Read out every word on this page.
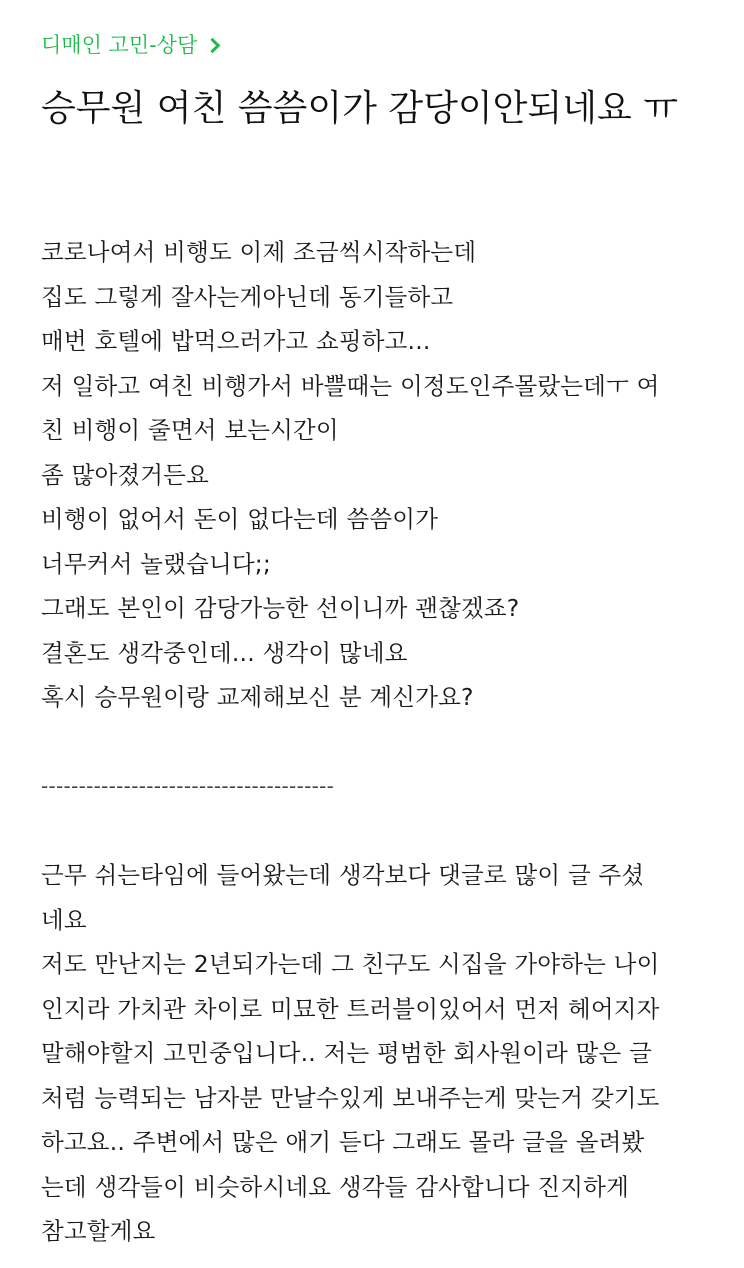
디매인 고민-상담
승무원 여친 씀씀이가 감당이안되네요 ㅠ
코로나여서 비행도 이제 조금씩시작하는데
집도 그렇게 잘사는게아닌데 동기들하고
매번 호텔에 밥먹으러가고 쇼핑하고...
저 일하고 여친 비행가서 바쁠때는 이정도인주몰랐는데ㅜ 여
친 비행이 줄면서 보는시간이
좀 많아졌거든요
비행이 없어서 돈이 없다는데 씀씀이가
너무커서 놀랬습니다;;
그래도 본인이 감당가능한 선이니까 괜찮겠죠?
결혼도 생각중인데... 생각이 많네요
혹시 승무원이랑 교제해보신 분 계신가요?
---------------------------------------
근무 쉬는타임에 들어왔는데 생각보다 댓글로 많이 글 주셨
네요
저도 만난지는 2년되가는데 그 친구도 시집을 가야하는 나이
인지라 가치관 차이로 미묘한 트러블이있어서 먼저 헤어지자
말해야할지 고민중입니다.. 저는 평범한 회사원이라 많은 글
처럼 능력되는 남자분 만날수있게 보내주는게 맞는거 갖기도
하고요.. 주변에서 많은 애기 듣다 그래도 몰라 글을 올려봤
는데 생각들이 비슷하시네요 생각들 감사합니다 진지하게
참고할게요
